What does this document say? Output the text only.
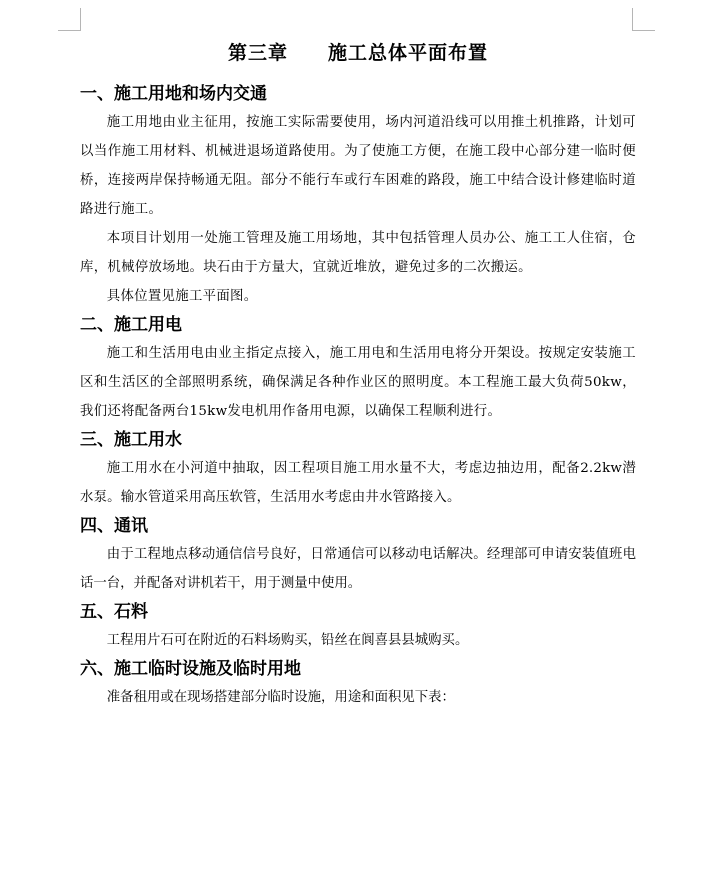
第三章　　施工总体平面布置
一、施工用地和场内交通

施工用地由业主征用，按施工实际需要使用，场内河道沿线可以用推土机推路，计划可以当作施工用材料、机械进退场道路使用。为了使施工方便，在施工段中心部分建一临时便桥，连接两岸保持畅通无阻。部分不能行车或行车困难的路段，施工中结合设计修建临时道路进行施工。

本项目计划用一处施工管理及施工用场地，其中包括管理人员办公、施工工人住宿，仓库，机械停放场地。块石由于方量大，宜就近堆放，避免过多的二次搬运。

具体位置见施工平面图。

二、施工用电

施工和生活用电由业主指定点接入，施工用电和生活用电将分开架设。按规定安装施工区和生活区的全部照明系统，确保满足各种作业区的照明度。本工程施工最大负荷50kw，我们还将配备两台15kw发电机用作备用电源，以确保工程顺利进行。

三、施工用水

施工用水在小河道中抽取，因工程项目施工用水量不大，考虑边抽边用，配备2.2kw潜水泵。输水管道采用高压软管，生活用水考虑由井水管路接入。

四、通讯

由于工程地点移动通信信号良好，日常通信可以移动电话解决。经理部可申请安装值班电话一台，并配备对讲机若干，用于测量中使用。

五、石料

工程用片石可在附近的石料场购买，铅丝在阆喜县县城购买。

六、施工临时设施及临时用地

准备租用或在现场搭建部分临时设施，用途和面积见下表：
